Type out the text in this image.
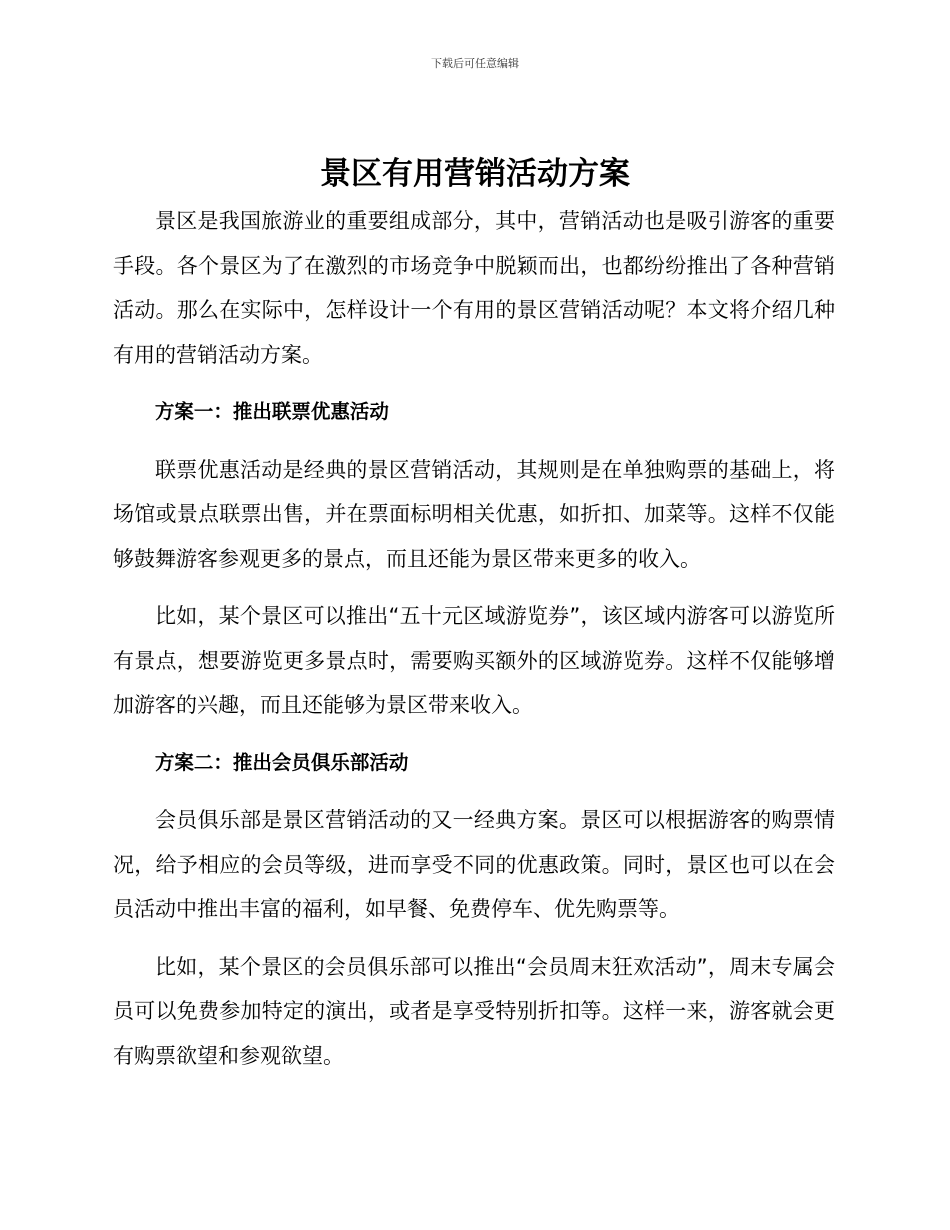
下载后可任意编辑
景区有用营销活动方案

景区是我国旅游业的重要组成部分，其中，营销活动也是吸引游客的重要手段。各个景区为了在激烈的市场竞争中脱颖而出，也都纷纷推出了各种营销活动。那么在实际中，怎样设计一个有用的景区营销活动呢？本文将介绍几种有用的营销活动方案。

方案一：推出联票优惠活动

联票优惠活动是经典的景区营销活动，其规则是在单独购票的基础上，将场馆或景点联票出售，并在票面标明相关优惠，如折扣、加菜等。这样不仅能够鼓舞游客参观更多的景点，而且还能为景区带来更多的收入。

比如，某个景区可以推出“五十元区域游览券”，该区域内游客可以游览所有景点，想要游览更多景点时，需要购买额外的区域游览券。这样不仅能够增加游客的兴趣，而且还能够为景区带来收入。

方案二：推出会员俱乐部活动

会员俱乐部是景区营销活动的又一经典方案。景区可以根据游客的购票情况，给予相应的会员等级，进而享受不同的优惠政策。同时，景区也可以在会员活动中推出丰富的福利，如早餐、免费停车、优先购票等。

比如，某个景区的会员俱乐部可以推出“会员周末狂欢活动”，周末专属会员可以免费参加特定的演出，或者是享受特别折扣等。这样一来，游客就会更有购票欲望和参观欲望。
